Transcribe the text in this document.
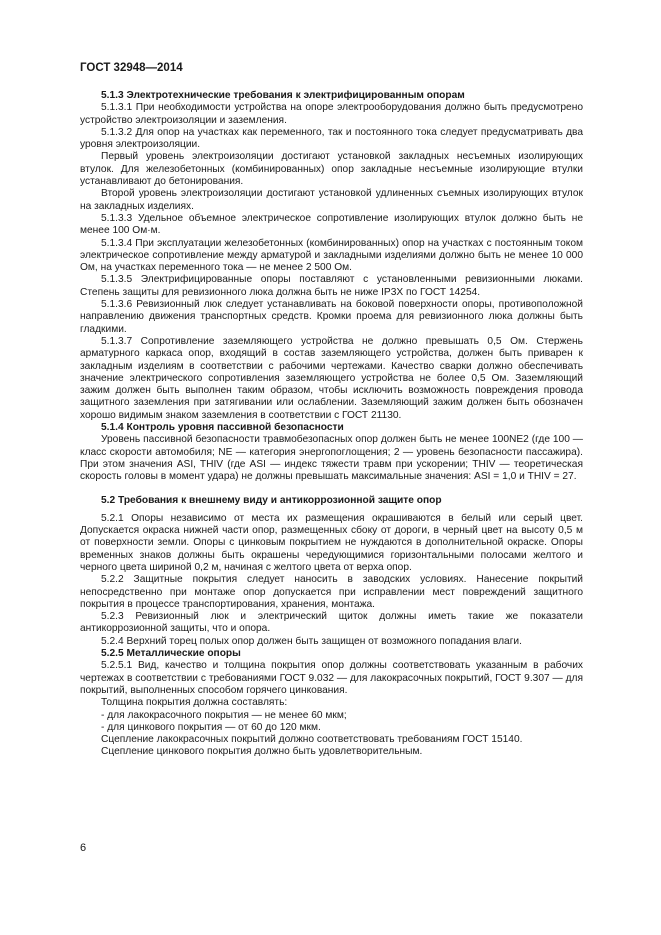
ГОСТ 32948—2014

5.1.3 Электротехнические требования к электрифицированным опорам

5.1.3.1 При необходимости устройства на опоре электрооборудования должно быть предусмотрено устройство электроизоляции и заземления.

5.1.3.2 Для опор на участках как переменного, так и постоянного тока следует предусматривать два уровня электроизоляции.

Первый уровень электроизоляции достигают установкой закладных несъемных изолирующих втулок. Для железобетонных (комбинированных) опор закладные несъемные изолирующие втулки устанавливают до бетонирования.

Второй уровень электроизоляции достигают установкой удлиненных съемных изолирующих втулок на закладных изделиях.

5.1.3.3 Удельное объемное электрическое сопротивление изолирующих втулок должно быть не менее 100 Ом·м.

5.1.3.4 При эксплуатации железобетонных (комбинированных) опор на участках с постоянным током электрическое сопротивление между арматурой и закладными изделиями должно быть не менее 10 000 Ом, на участках переменного тока — не менее 2 500 Ом.

5.1.3.5 Электрифицированные опоры поставляют с установленными ревизионными люками. Степень защиты для ревизионного люка должна быть не ниже IP3X по ГОСТ 14254.

5.1.3.6 Ревизионный люк следует устанавливать на боковой поверхности опоры, противоположной направлению движения транспортных средств. Кромки проема для ревизионного люка должны быть гладкими.

5.1.3.7 Сопротивление заземляющего устройства не должно превышать 0,5 Ом. Стержень арматурного каркаса опор, входящий в состав заземляющего устройства, должен быть приварен к закладным изделиям в соответствии с рабочими чертежами. Качество сварки должно обеспечивать значение электрического сопротивления заземляющего устройства не более 0,5 Ом. Заземляющий зажим должен быть выполнен таким образом, чтобы исключить возможность повреждения провода защитного заземления при затягивании или ослаблении. Заземляющий зажим должен быть обозначен хорошо видимым знаком заземления в соответствии с ГОСТ 21130.

5.1.4 Контроль уровня пассивной безопасности

Уровень пассивной безопасности травмобезопасных опор должен быть не менее 100NE2 (где 100 — класс скорости автомобиля; NE — категория энергопоглощения; 2 — уровень безопасности пассажира). При этом значения ASI, THIV (где ASI — индекс тяжести травм при ускорении; THIV — теоретическая скорость головы в момент удара) не должны превышать максимальные значения: ASI = 1,0 и THIV = 27.

5.2 Требования к внешнему виду и антикоррозионной защите опор

5.2.1 Опоры независимо от места их размещения окрашиваются в белый или серый цвет. Допускается окраска нижней части опор, размещенных сбоку от дороги, в черный цвет на высоту 0,5 м от поверхности земли. Опоры с цинковым покрытием не нуждаются в дополнительной окраске. Опоры временных знаков должны быть окрашены чередующимися горизонтальными полосами желтого и черного цвета шириной 0,2 м, начиная с желтого цвета от верха опор.

5.2.2 Защитные покрытия следует наносить в заводских условиях. Нанесение покрытий непосредственно при монтаже опор допускается при исправлении мест повреждений защитного покрытия в процессе транспортирования, хранения, монтажа.

5.2.3 Ревизионный люк и электрический щиток должны иметь такие же показатели антикоррозионной защиты, что и опора.

5.2.4 Верхний торец полых опор должен быть защищен от возможного попадания влаги.

5.2.5 Металлические опоры

5.2.5.1 Вид, качество и толщина покрытия опор должны соответствовать указанным в рабочих чертежах в соответствии с требованиями ГОСТ 9.032 — для лакокрасочных покрытий, ГОСТ 9.307 — для покрытий, выполненных способом горячего цинкования.

Толщина покрытия должна составлять:

- для лакокрасочного покрытия — не менее 60 мкм;

- для цинкового покрытия — от 60 до 120 мкм.

Сцепление лакокрасочных покрытий должно соответствовать требованиям ГОСТ 15140.

Сцепление цинкового покрытия должно быть удовлетворительным.

6
